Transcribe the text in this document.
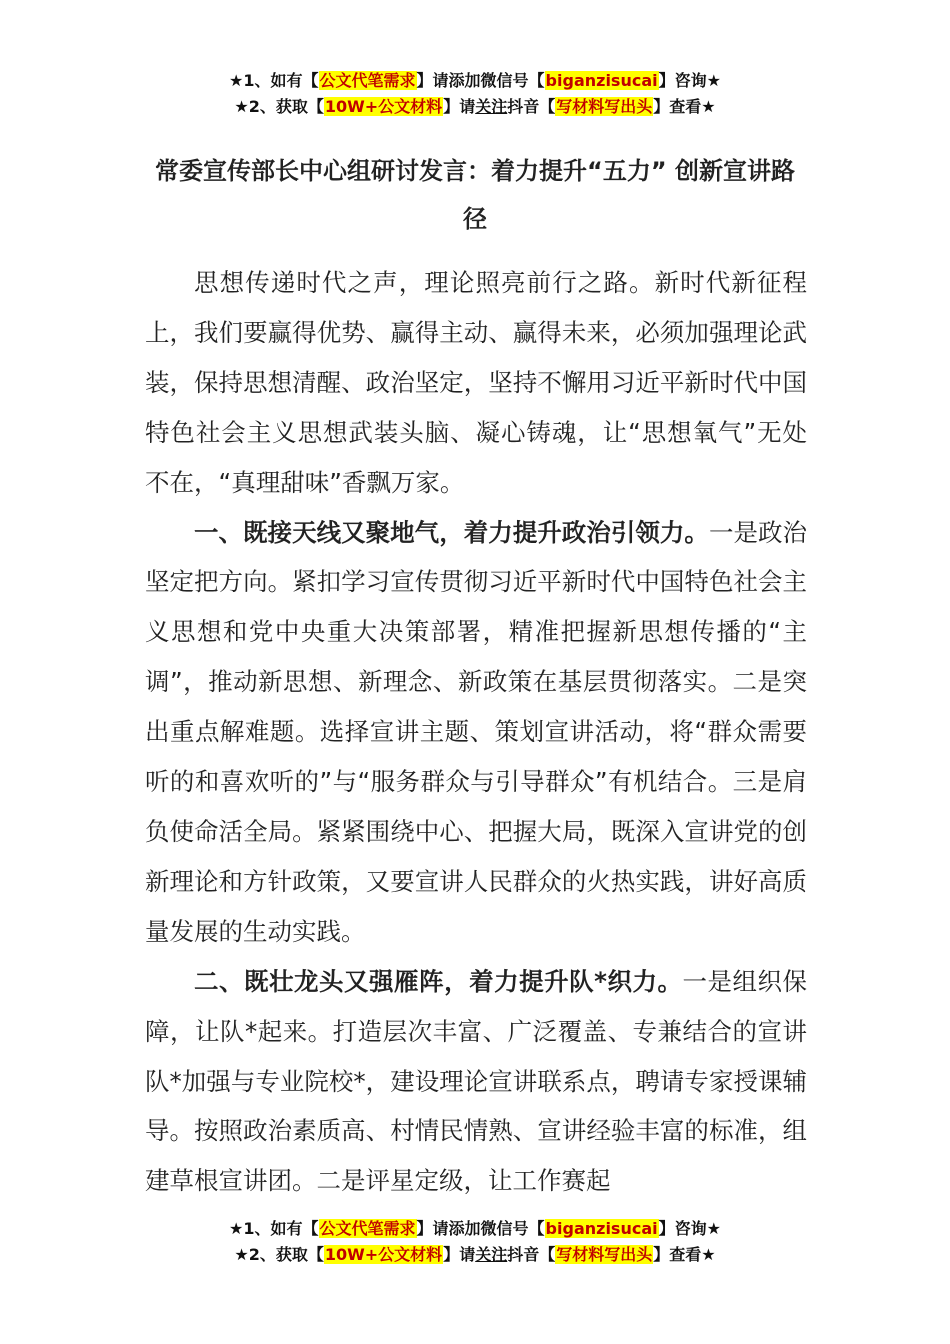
★1、如有【公文代笔需求】请添加微信号【biganzisucai】咨询★
★2、获取【10W+公文材料】请关注抖音【写材料写出头】查看★
常委宣传部长中心组研讨发言：着力提升“五力” 创新宣讲路径

思想传递时代之声，理论照亮前行之路。新时代新征程上，我们要赢得优势、赢得主动、赢得未来，必须加强理论武装，保持思想清醒、政治坚定，坚持不懈用习近平新时代中国特色社会主义思想武装头脑、凝心铸魂，让“思想氧气”无处不在，“真理甜味”香飘万家。

一、既接天线又聚地气，着力提升政治引领力。一是政治坚定把方向。紧扣学习宣传贯彻习近平新时代中国特色社会主义思想和党中央重大决策部署，精准把握新思想传播的“主调”，推动新思想、新理念、新政策在基层贯彻落实。二是突出重点解难题。选择宣讲主题、策划宣讲活动，将“群众需要听的和喜欢听的”与“服务群众与引导群众”有机结合。三是肩负使命活全局。紧紧围绕中心、把握大局，既深入宣讲党的创新理论和方针政策，又要宣讲人民群众的火热实践，讲好高质量发展的生动实践。

二、既壮龙头又强雁阵，着力提升队*织力。一是组织保障，让队*起来。打造层次丰富、广泛覆盖、专兼结合的宣讲队*加强与专业院校*，建设理论宣讲联系点，聘请专家授课辅导。按照政治素质高、村情民情熟、宣讲经验丰富的标准，组建草根宣讲团。二是评星定级，让工作赛起

★1、如有【公文代笔需求】请添加微信号【biganzisucai】咨询★
★2、获取【10W+公文材料】请关注抖音【写材料写出头】查看★
